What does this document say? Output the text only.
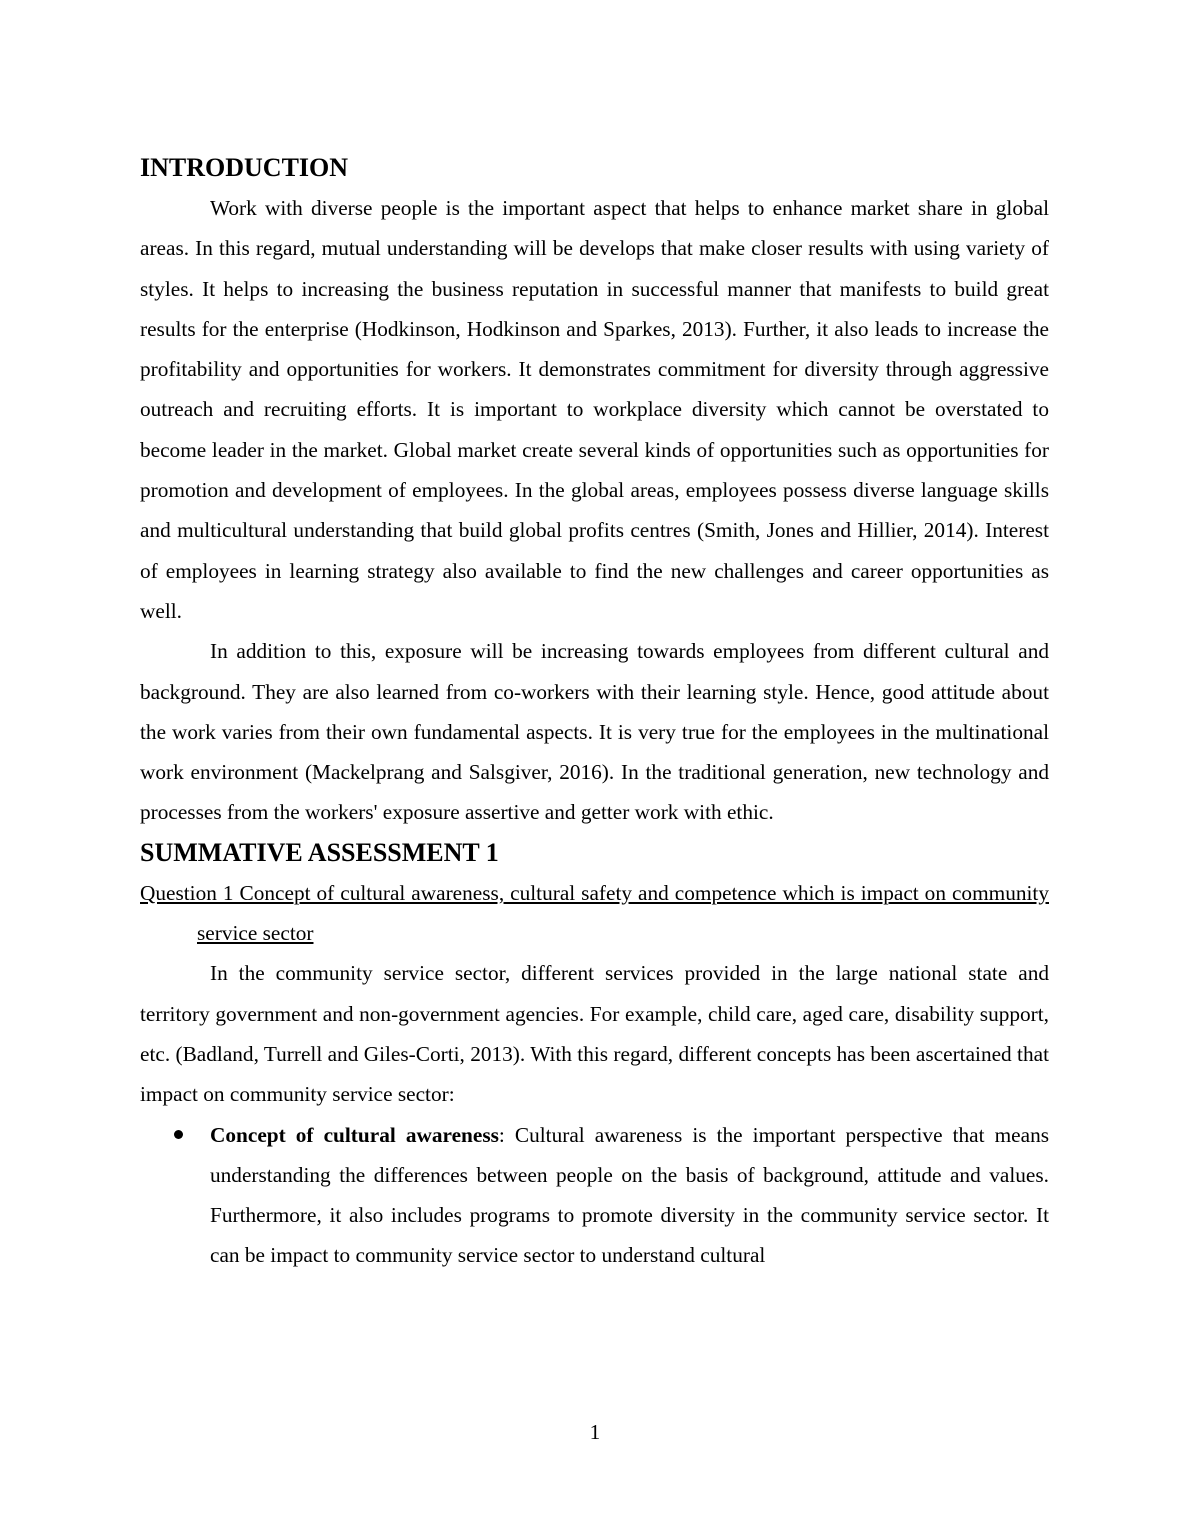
INTRODUCTION

Work with diverse people is the important aspect that helps to enhance market share in global areas. In this regard, mutual understanding will be develops that make closer results with using variety of styles. It helps to increasing the business reputation in successful manner that manifests to build great results for the enterprise (Hodkinson, Hodkinson and Sparkes, 2013). Further, it also leads to increase the profitability and opportunities for workers. It demonstrates commitment for diversity through aggressive outreach and recruiting efforts. It is important to workplace diversity which cannot be overstated to become leader in the market. Global market create several kinds of opportunities such as opportunities for promotion and development of employees. In the global areas, employees possess diverse language skills and multicultural understanding that build global profits centres (Smith, Jones and Hillier, 2014). Interest of employees in learning strategy also available to find the new challenges and career opportunities as well.

In addition to this, exposure will be increasing towards employees from different cultural and background. They are also learned from co-workers with their learning style. Hence, good attitude about the work varies from their own fundamental aspects. It is very true for the employees in the multinational work environment (Mackelprang and Salsgiver, 2016). In the traditional generation, new technology and processes from the workers' exposure assertive and getter work with ethic.

SUMMATIVE ASSESSMENT 1

Question 1 Concept of cultural awareness, cultural safety and competence which is impact on community service sector

In the community service sector, different services provided in the large national state and territory government and non-government agencies. For example, child care, aged care, disability support, etc. (Badland, Turrell and Giles-Corti, 2013). With this regard, different concepts has been ascertained that impact on community service sector:

Concept of cultural awareness: Cultural awareness is the important perspective that means understanding the differences between people on the basis of background, attitude and values. Furthermore, it also includes programs to promote diversity in the community service sector. It can be impact to community service sector to understand cultural
1
